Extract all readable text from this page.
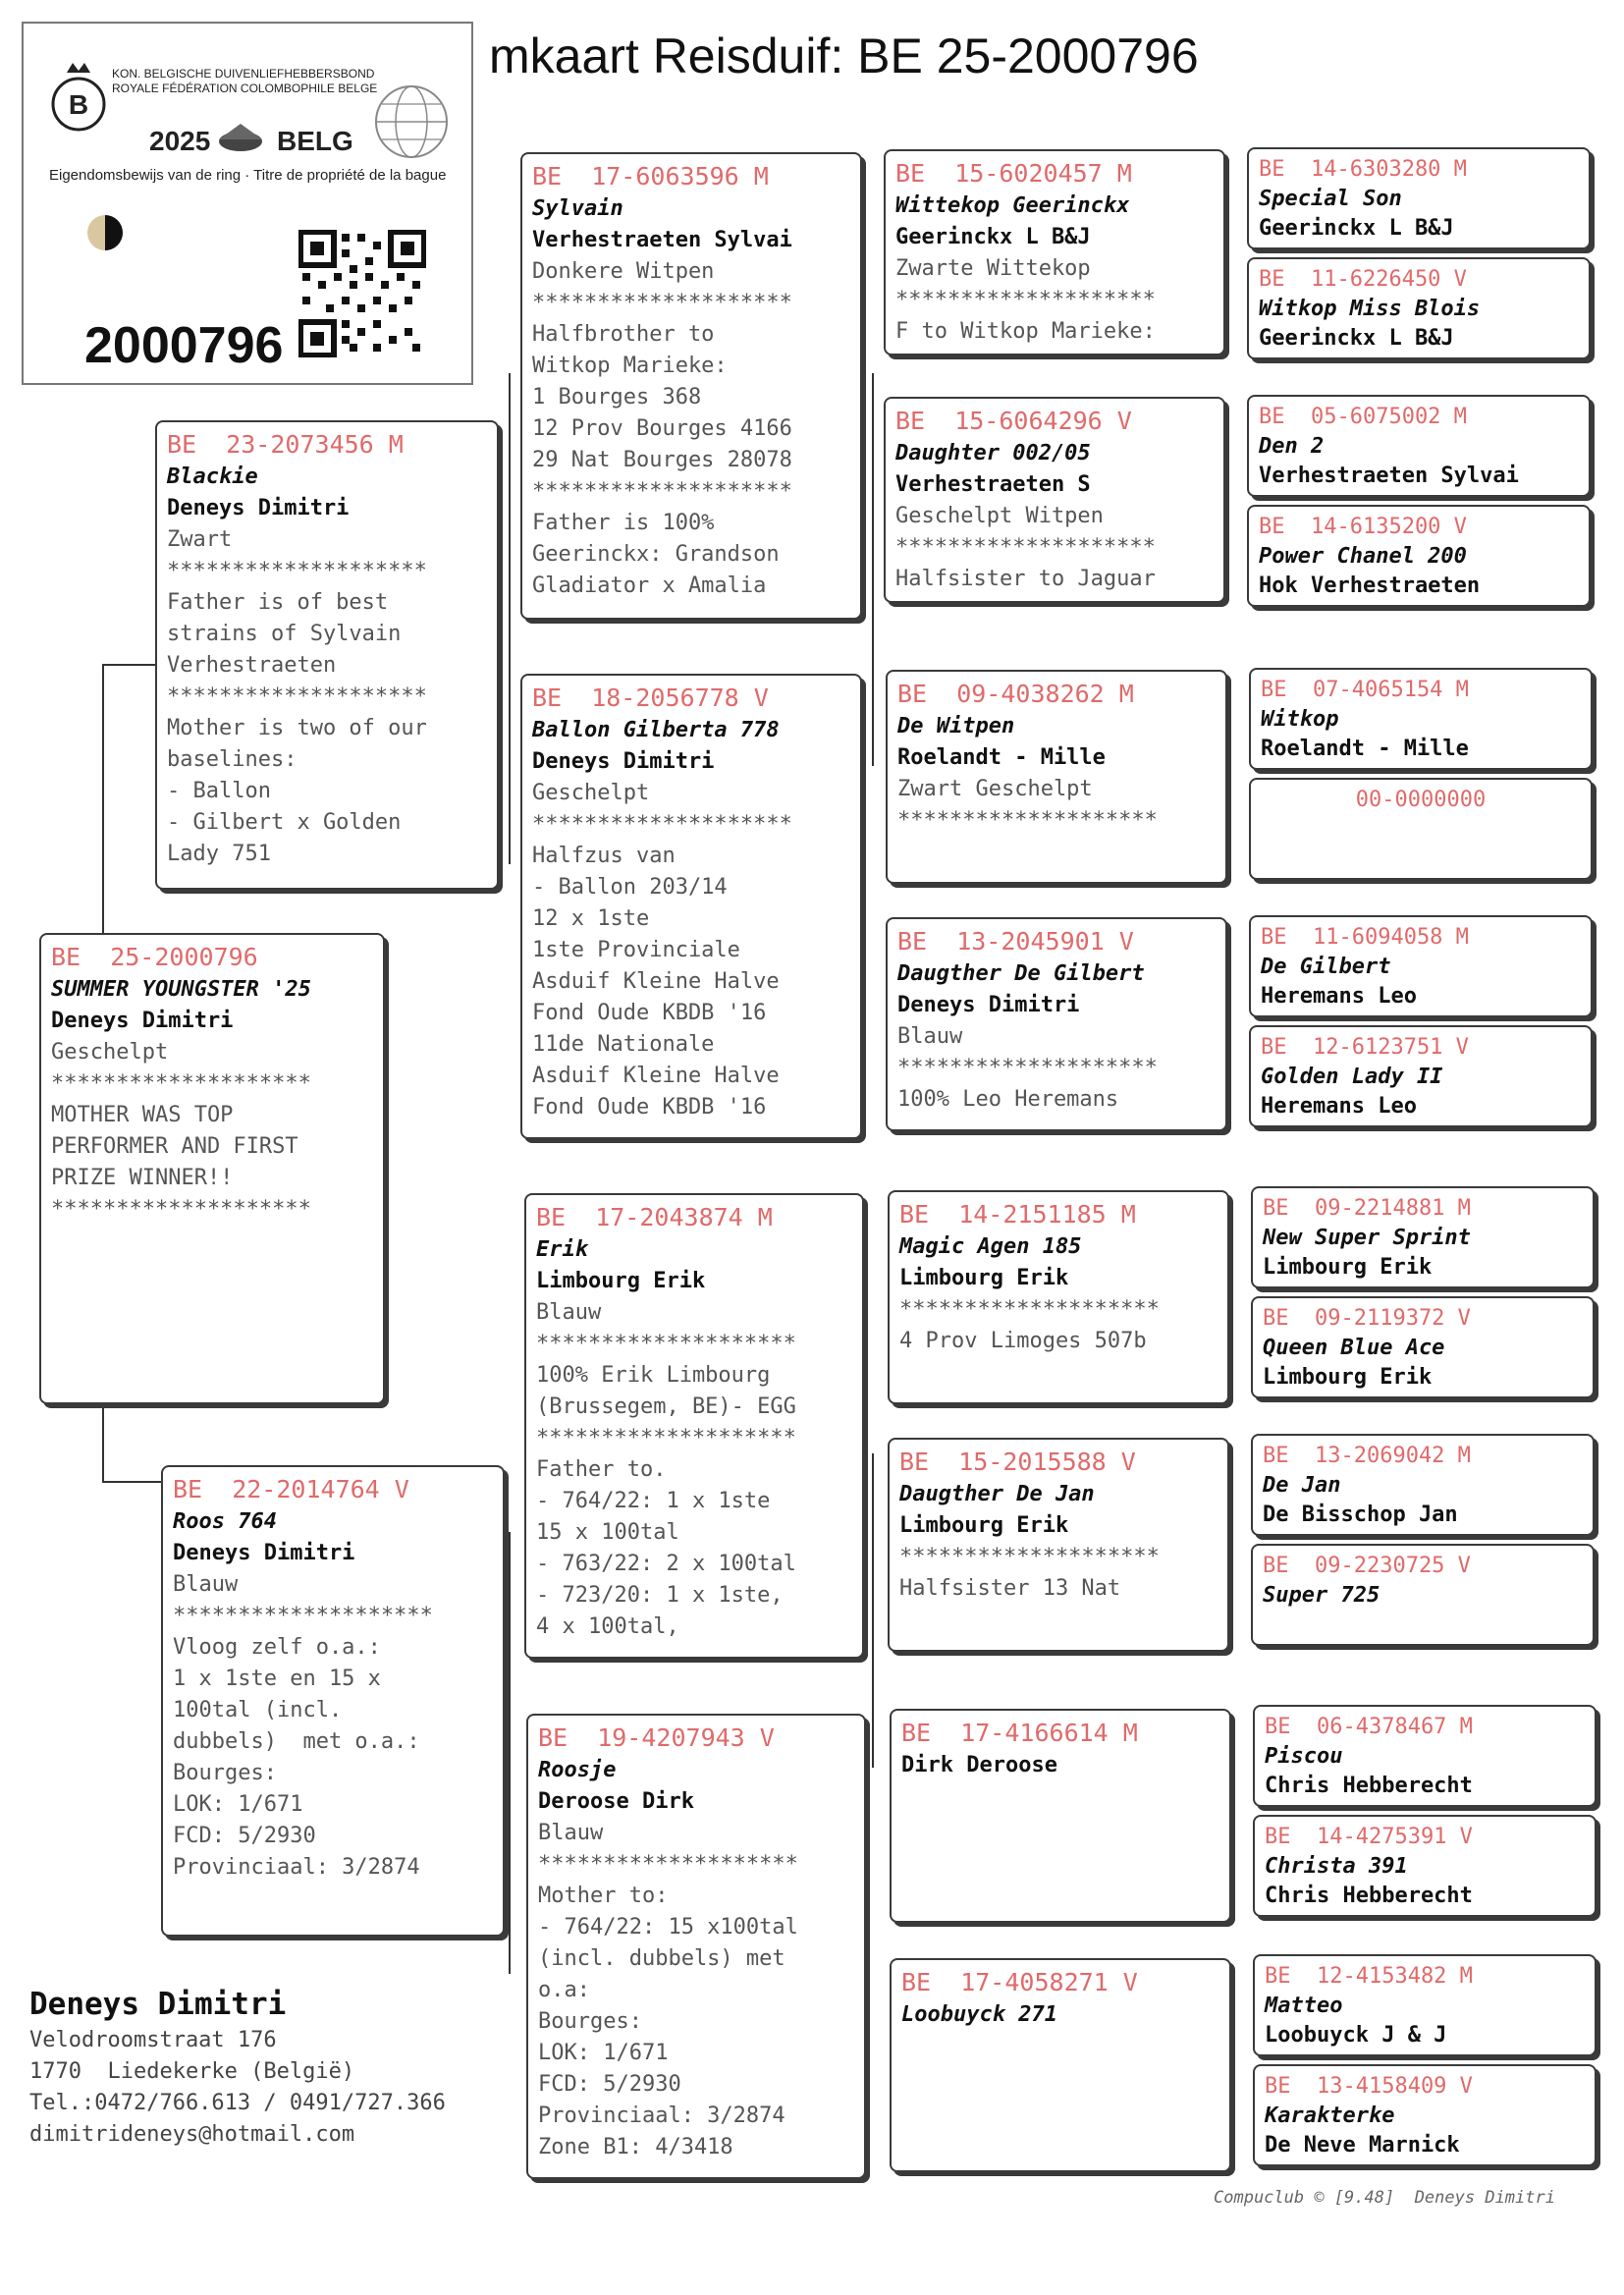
mkaart Reisduif: BE 25-2000796
B
KON. BELGISCHE DUIVENLIEFHEBBERSBOND
ROYALE FÉDÉRATION COLOMBOPHILE BELGE
2025 BELG
Eigendomsbewijs van de ring · Titre de propriété de la bague
2000796
BE  25-2000796
SUMMER YOUNGSTER '25
Deneys Dimitri
Geschelpt
********************
MOTHER WAS TOP
PERFORMER AND FIRST
PRIZE WINNER!!
********************
BE  23-2073456 M
Blackie
Deneys Dimitri
Zwart
********************
Father is of best
strains of Sylvain
Verhestraeten
********************
Mother is two of our
baselines:
- Ballon
- Gilbert x Golden
Lady 751
BE  22-2014764 V
Roos 764
Deneys Dimitri
Blauw
********************
Vloog zelf o.a.:
1 x 1ste en 15 x
100tal (incl.
dubbels)  met o.a.:
Bourges:
LOK: 1/671
FCD: 5/2930
Provinciaal: 3/2874
BE  17-6063596 M
Sylvain
Verhestraeten Sylvai
Donkere Witpen
********************
Halfbrother to
Witkop Marieke:
1 Bourges 368
12 Prov Bourges 4166
29 Nat Bourges 28078
********************
Father is 100%
Geerinckx: Grandson
Gladiator x Amalia
BE  18-2056778 V
Ballon Gilberta 778
Deneys Dimitri
Geschelpt
********************
Halfzus van
- Ballon 203/14
12 x 1ste
1ste Provinciale
Asduif Kleine Halve
Fond Oude KBDB '16
11de Nationale
Asduif Kleine Halve
Fond Oude KBDB '16
BE  17-2043874 M
Erik
Limbourg Erik
Blauw
********************
100% Erik Limbourg
(Brussegem, BE)- EGG
********************
Father to.
- 764/22: 1 x 1ste
15 x 100tal
- 763/22: 2 x 100tal
- 723/20: 1 x 1ste,
4 x 100tal,
BE  19-4207943 V
Roosje
Deroose Dirk
Blauw
********************
Mother to:
- 764/22: 15 x100tal
(incl. dubbels) met
o.a:
Bourges:
LOK: 1/671
FCD: 5/2930
Provinciaal: 3/2874
Zone B1: 4/3418
BE  15-6020457 M
Wittekop Geerinckx
Geerinckx L B&J
Zwarte Wittekop
********************
F to Witkop Marieke:
BE  15-6064296 V
Daughter 002/05
Verhestraeten S
Geschelpt Witpen
********************
Halfsister to Jaguar
BE  09-4038262 M
De Witpen
Roelandt - Mille
Zwart Geschelpt
********************
BE  13-2045901 V
Daugther De Gilbert
Deneys Dimitri
Blauw
********************
100% Leo Heremans
BE  14-2151185 M
Magic Agen 185
Limbourg Erik
********************
4 Prov Limoges 507b
BE  15-2015588 V
Daugther De Jan
Limbourg Erik
********************
Halfsister 13 Nat
BE  17-4166614 M
Dirk Deroose
BE  17-4058271 V
Loobuyck 271
BE  14-6303280 M
Special Son
Geerinckx L B&J
BE  11-6226450 V
Witkop Miss Blois
Geerinckx L B&J
BE  05-6075002 M
Den 2
Verhestraeten Sylvai
BE  14-6135200 V
Power Chanel 200
Hok Verhestraeten
BE  07-4065154 M
Witkop
Roelandt - Mille
00-0000000
BE  11-6094058 M
De Gilbert
Heremans Leo
BE  12-6123751 V
Golden Lady II
Heremans Leo
BE  09-2214881 M
New Super Sprint
Limbourg Erik
BE  09-2119372 V
Queen Blue Ace
Limbourg Erik
BE  13-2069042 M
De Jan
De Bisschop Jan
BE  09-2230725 V
Super 725
BE  06-4378467 M
Piscou
Chris Hebberecht
BE  14-4275391 V
Christa 391
Chris Hebberecht
BE  12-4153482 M
Matteo
Loobuyck J & J
BE  13-4158409 V
Karakterke
De Neve Marnick
Deneys Dimitri
Velodroomstraat 176
1770  Liedekerke (België)
Tel.:0472/766.613 / 0491/727.366
dimitrideneys@hotmail.com
Compuclub © [9.48]  Deneys Dimitri
